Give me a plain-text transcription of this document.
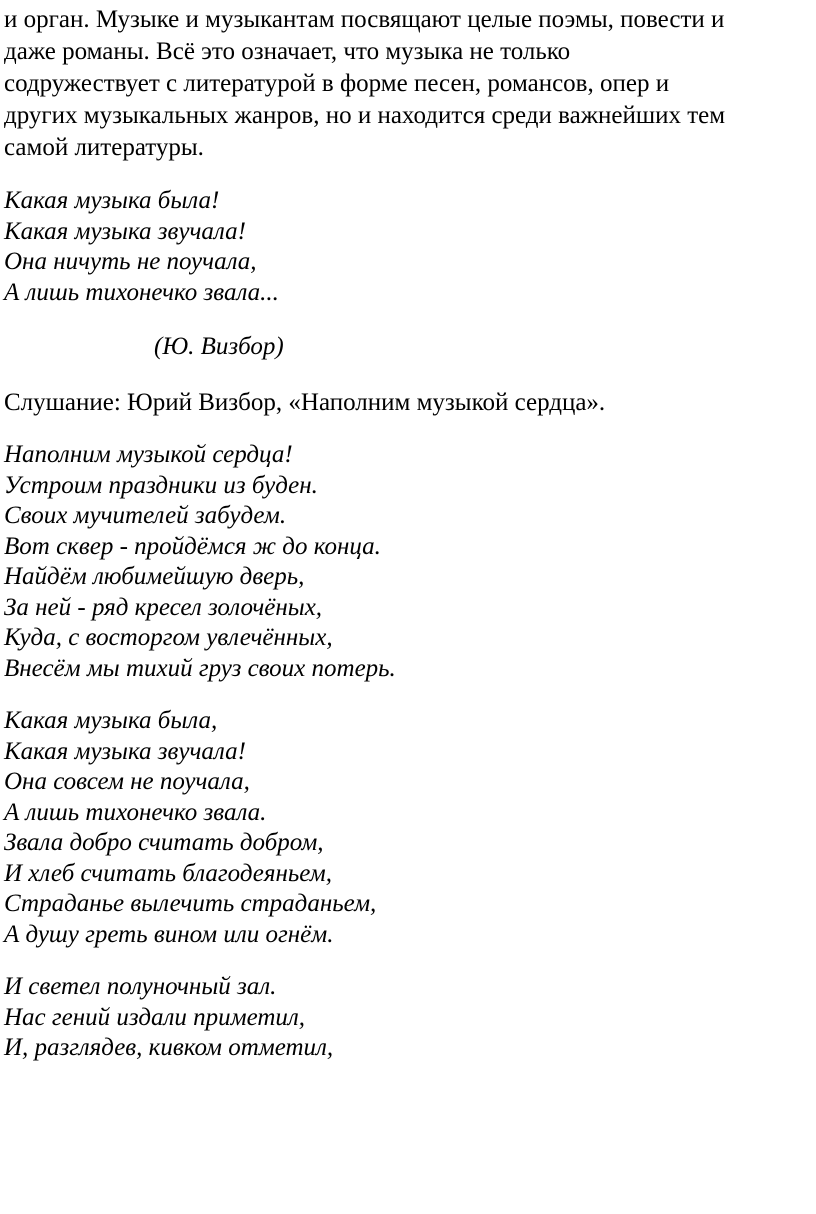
и орган. Музыке и музыкантам посвящают целые поэмы, повести и
даже романы. Всё это означает, что музыка не только
содружествует с литературой в форме песен, романсов, опер и
других музыкальных жанров, но и находится среди важнейших тем
самой литературы.

Какая музыка была!
Какая музыка звучала!
Она ничуть не поучала,
А лишь тихонечко звала...

(Ю. Визбор)

Слушание: Юрий Визбор, «Наполним музыкой сердца».

Наполним музыкой сердца!
Устроим праздники из буден.
Своих мучителей забудем.
Вот сквер - пройдёмся ж до конца.
Найдём любимейшую дверь,
За ней - ряд кресел золочёных,
Куда, с восторгом увлечённых,
Внесём мы тихий груз своих потерь.
Какая музыка была,
Какая музыка звучала!
Она совсем не поучала,
А лишь тихонечко звала.
Звала добро считать добром,
И хлеб считать благодеяньем,
Страданье вылечить страданьем,
А душу греть вином или огнём.
И светел полуночный зал.
Нас гений издали приметил,
И, разглядев, кивком отметил,
